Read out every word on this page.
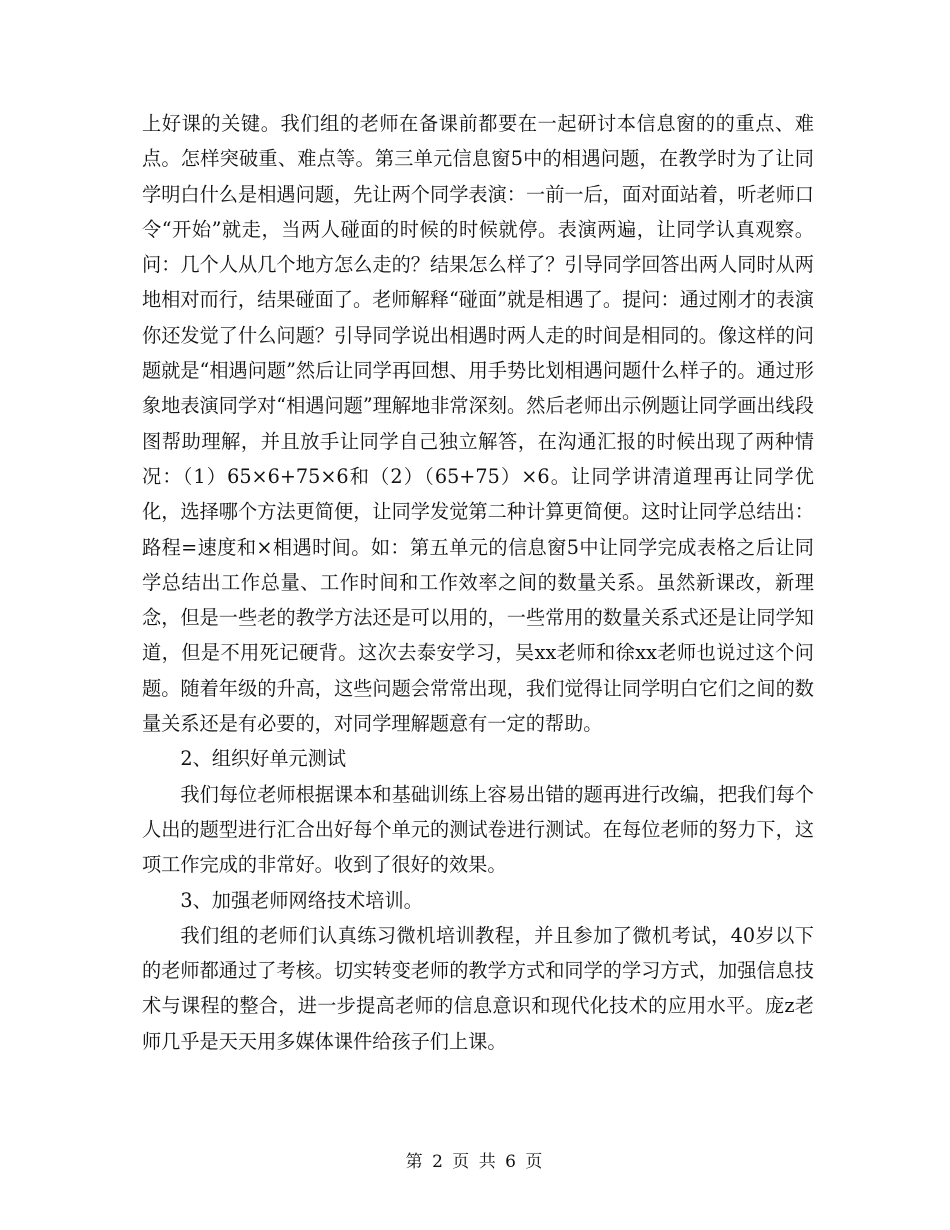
上好课的关键。我们组的老师在备课前都要在一起研讨本信息窗的的重点、难点。怎样突破重、难点等。第三单元信息窗5中的相遇问题，在教学时为了让同学明白什么是相遇问题，先让两个同学表演：一前一后，面对面站着，听老师口令“开始”就走，当两人碰面的时候的时候就停。表演两遍，让同学认真观察。问：几个人从几个地方怎么走的？结果怎么样了？引导同学回答出两人同时从两地相对而行，结果碰面了。老师解释“碰面”就是相遇了。提问：通过刚才的表演你还发觉了什么问题？引导同学说出相遇时两人走的时间是相同的。像这样的问题就是“相遇问题”然后让同学再回想、用手势比划相遇问题什么样子的。通过形象地表演同学对“相遇问题”理解地非常深刻。然后老师出示例题让同学画出线段图帮助理解，并且放手让同学自己独立解答，在沟通汇报的时候出现了两种情况：（1）65×6+75×6和（2）（65+75）×6。让同学讲清道理再让同学优化，选择哪个方法更简便，让同学发觉第二种计算更简便。这时让同学总结出：路程=速度和×相遇时间。如：第五单元的信息窗5中让同学完成表格之后让同学总结出工作总量、工作时间和工作效率之间的数量关系。虽然新课改，新理念，但是一些老的教学方法还是可以用的，一些常用的数量关系式还是让同学知道，但是不用死记硬背。这次去泰安学习，吴xx老师和徐xx老师也说过这个问题。随着年级的升高，这些问题会常常出现，我们觉得让同学明白它们之间的数量关系还是有必要的，对同学理解题意有一定的帮助。

2、组织好单元测试

我们每位老师根据课本和基础训练上容易出错的题再进行改编，把我们每个人出的题型进行汇合出好每个单元的测试卷进行测试。在每位老师的努力下，这项工作完成的非常好。收到了很好的效果。

3、加强老师网络技术培训。

我们组的老师们认真练习微机培训教程，并且参加了微机考试，40岁以下的老师都通过了考核。切实转变老师的教学方式和同学的学习方式，加强信息技术与课程的整合，进一步提高老师的信息意识和现代化技术的应用水平。庞z老师几乎是天天用多媒体课件给孩子们上课。

第 2 页 共 6 页
